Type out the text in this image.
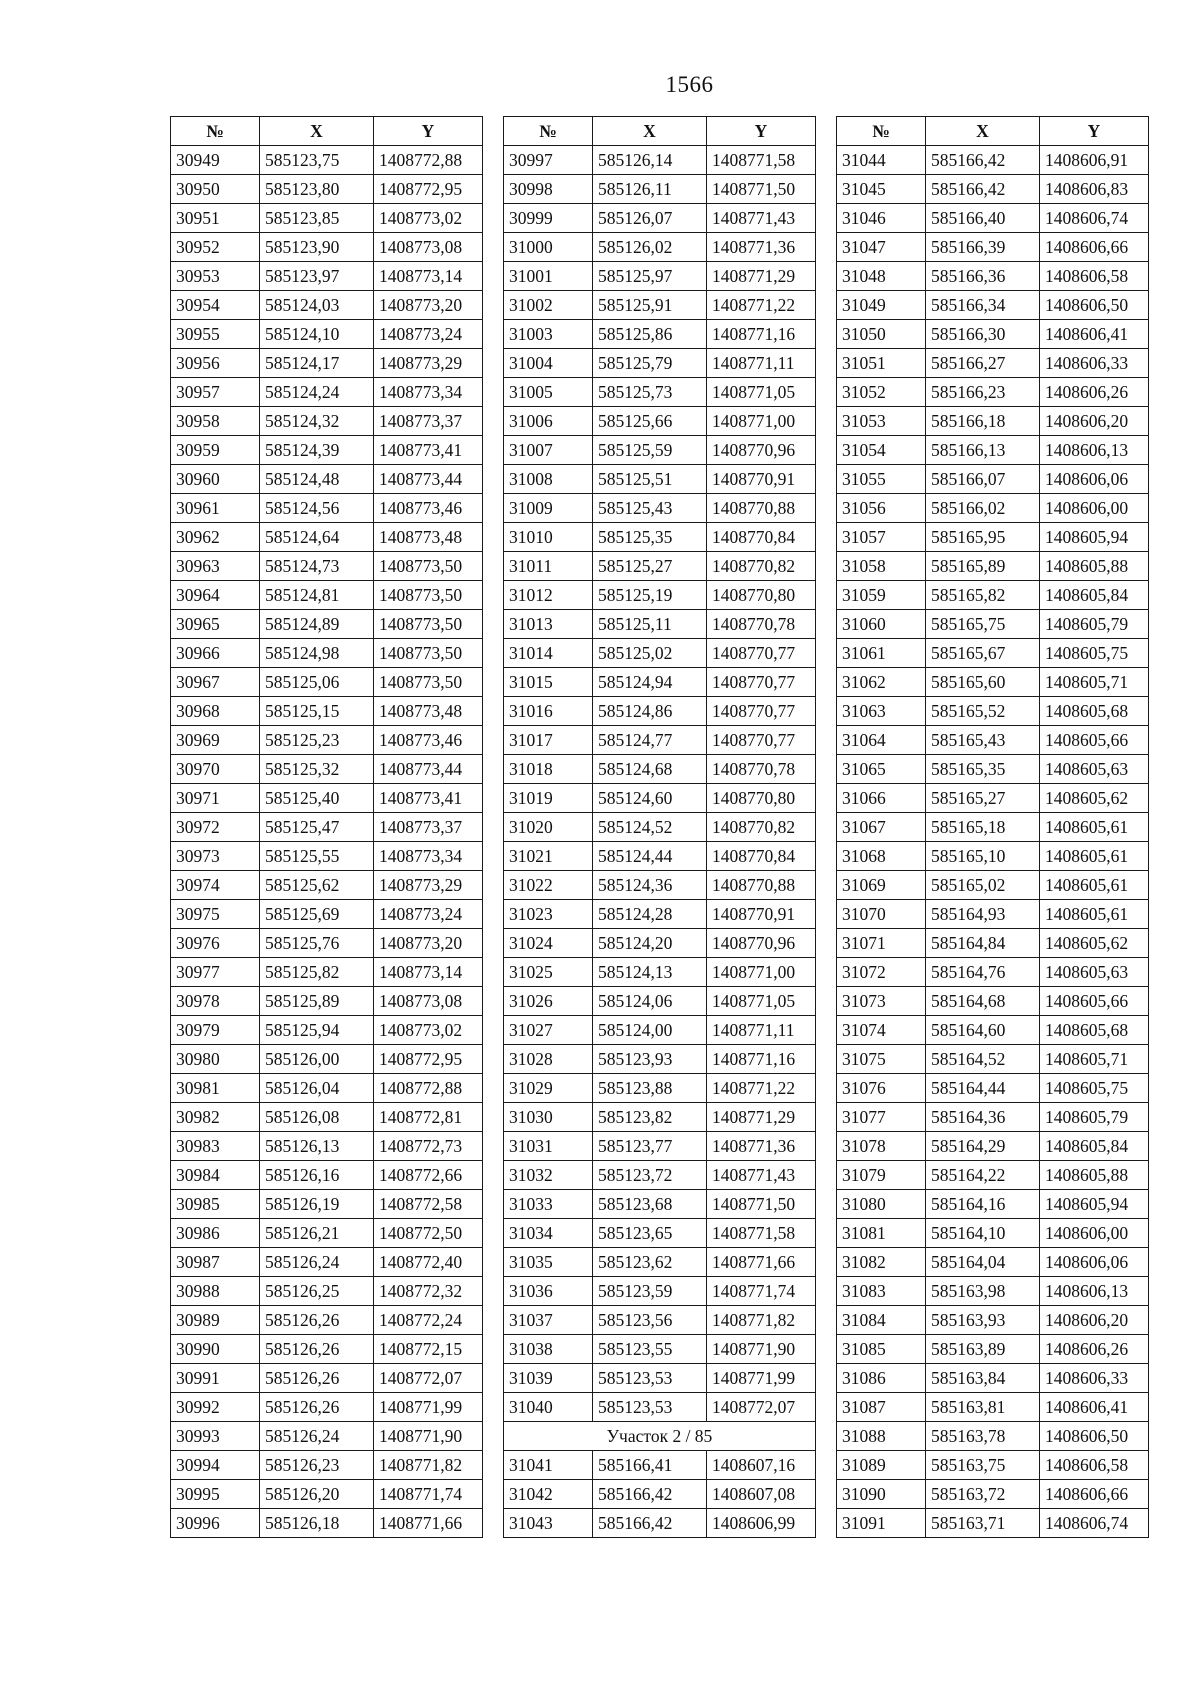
1566
№	X	Y
30949	585123,75	1408772,88
30950	585123,80	1408772,95
30951	585123,85	1408773,02
30952	585123,90	1408773,08
30953	585123,97	1408773,14
30954	585124,03	1408773,20
30955	585124,10	1408773,24
30956	585124,17	1408773,29
30957	585124,24	1408773,34
30958	585124,32	1408773,37
30959	585124,39	1408773,41
30960	585124,48	1408773,44
30961	585124,56	1408773,46
30962	585124,64	1408773,48
30963	585124,73	1408773,50
30964	585124,81	1408773,50
30965	585124,89	1408773,50
30966	585124,98	1408773,50
30967	585125,06	1408773,50
30968	585125,15	1408773,48
30969	585125,23	1408773,46
30970	585125,32	1408773,44
30971	585125,40	1408773,41
30972	585125,47	1408773,37
30973	585125,55	1408773,34
30974	585125,62	1408773,29
30975	585125,69	1408773,24
30976	585125,76	1408773,20
30977	585125,82	1408773,14
30978	585125,89	1408773,08
30979	585125,94	1408773,02
30980	585126,00	1408772,95
30981	585126,04	1408772,88
30982	585126,08	1408772,81
30983	585126,13	1408772,73
30984	585126,16	1408772,66
30985	585126,19	1408772,58
30986	585126,21	1408772,50
30987	585126,24	1408772,40
30988	585126,25	1408772,32
30989	585126,26	1408772,24
30990	585126,26	1408772,15
30991	585126,26	1408772,07
30992	585126,26	1408771,99
30993	585126,24	1408771,90
30994	585126,23	1408771,82
30995	585126,20	1408771,74
30996	585126,18	1408771,66
№	X	Y
30997	585126,14	1408771,58
30998	585126,11	1408771,50
30999	585126,07	1408771,43
31000	585126,02	1408771,36
31001	585125,97	1408771,29
31002	585125,91	1408771,22
31003	585125,86	1408771,16
31004	585125,79	1408771,11
31005	585125,73	1408771,05
31006	585125,66	1408771,00
31007	585125,59	1408770,96
31008	585125,51	1408770,91
31009	585125,43	1408770,88
31010	585125,35	1408770,84
31011	585125,27	1408770,82
31012	585125,19	1408770,80
31013	585125,11	1408770,78
31014	585125,02	1408770,77
31015	585124,94	1408770,77
31016	585124,86	1408770,77
31017	585124,77	1408770,77
31018	585124,68	1408770,78
31019	585124,60	1408770,80
31020	585124,52	1408770,82
31021	585124,44	1408770,84
31022	585124,36	1408770,88
31023	585124,28	1408770,91
31024	585124,20	1408770,96
31025	585124,13	1408771,00
31026	585124,06	1408771,05
31027	585124,00	1408771,11
31028	585123,93	1408771,16
31029	585123,88	1408771,22
31030	585123,82	1408771,29
31031	585123,77	1408771,36
31032	585123,72	1408771,43
31033	585123,68	1408771,50
31034	585123,65	1408771,58
31035	585123,62	1408771,66
31036	585123,59	1408771,74
31037	585123,56	1408771,82
31038	585123,55	1408771,90
31039	585123,53	1408771,99
31040	585123,53	1408772,07
Участок 2 / 85		
31041	585166,41	1408607,16
31042	585166,42	1408607,08
31043	585166,42	1408606,99
№	X	Y
31044	585166,42	1408606,91
31045	585166,42	1408606,83
31046	585166,40	1408606,74
31047	585166,39	1408606,66
31048	585166,36	1408606,58
31049	585166,34	1408606,50
31050	585166,30	1408606,41
31051	585166,27	1408606,33
31052	585166,23	1408606,26
31053	585166,18	1408606,20
31054	585166,13	1408606,13
31055	585166,07	1408606,06
31056	585166,02	1408606,00
31057	585165,95	1408605,94
31058	585165,89	1408605,88
31059	585165,82	1408605,84
31060	585165,75	1408605,79
31061	585165,67	1408605,75
31062	585165,60	1408605,71
31063	585165,52	1408605,68
31064	585165,43	1408605,66
31065	585165,35	1408605,63
31066	585165,27	1408605,62
31067	585165,18	1408605,61
31068	585165,10	1408605,61
31069	585165,02	1408605,61
31070	585164,93	1408605,61
31071	585164,84	1408605,62
31072	585164,76	1408605,63
31073	585164,68	1408605,66
31074	585164,60	1408605,68
31075	585164,52	1408605,71
31076	585164,44	1408605,75
31077	585164,36	1408605,79
31078	585164,29	1408605,84
31079	585164,22	1408605,88
31080	585164,16	1408605,94
31081	585164,10	1408606,00
31082	585164,04	1408606,06
31083	585163,98	1408606,13
31084	585163,93	1408606,20
31085	585163,89	1408606,26
31086	585163,84	1408606,33
31087	585163,81	1408606,41
31088	585163,78	1408606,50
31089	585163,75	1408606,58
31090	585163,72	1408606,66
31091	585163,71	1408606,74
